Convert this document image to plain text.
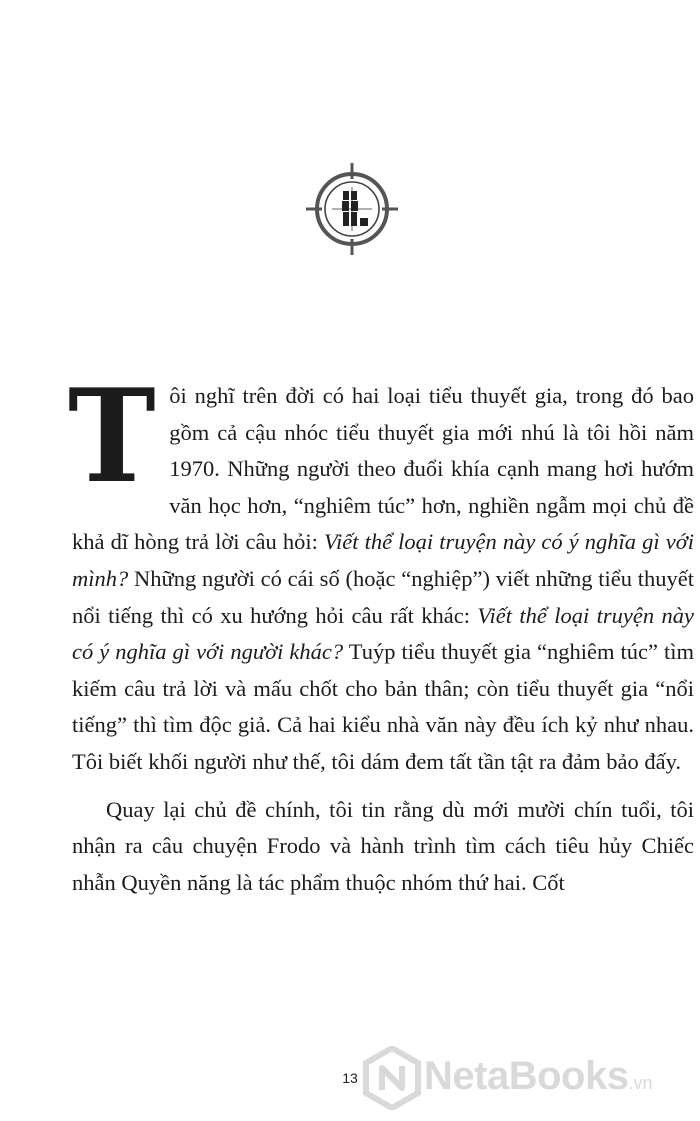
T ôi nghĩ trên đời có hai loại tiểu thuyết gia, trong đó bao gồm cả cậu nhóc tiểu thuyết gia mới nhú là tôi hồi năm 1970. Những người theo đuổi khía cạnh mang hơi hướm văn học hơn, “nghiêm túc” hơn, nghiền ngẫm mọi chủ đề khả dĩ hòng trả lời câu hỏi: Viết thể loại truyện này có ý nghĩa gì với mình? Những người có cái số (hoặc “nghiệp”) viết những tiểu thuyết nổi tiếng thì có xu hướng hỏi câu rất khác: Viết thể loại truyện này có ý nghĩa gì với người khác? Tuýp tiểu thuyết gia “nghiêm túc” tìm kiếm câu trả lời và mấu chốt cho bản thân; còn tiểu thuyết gia “nổi tiếng” thì tìm độc giả. Cả hai kiểu nhà văn này đều ích kỷ như nhau. Tôi biết khối người như thế, tôi dám đem tất tần tật ra đảm bảo đấy.

Quay lại chủ đề chính, tôi tin rằng dù mới mười chín tuổi, tôi nhận ra câu chuyện Frodo và hành trình tìm cách tiêu hủy Chiếc nhẫn Quyền năng là tác phẩm thuộc nhóm thứ hai. Cốt

13	NetaBooks.vn
